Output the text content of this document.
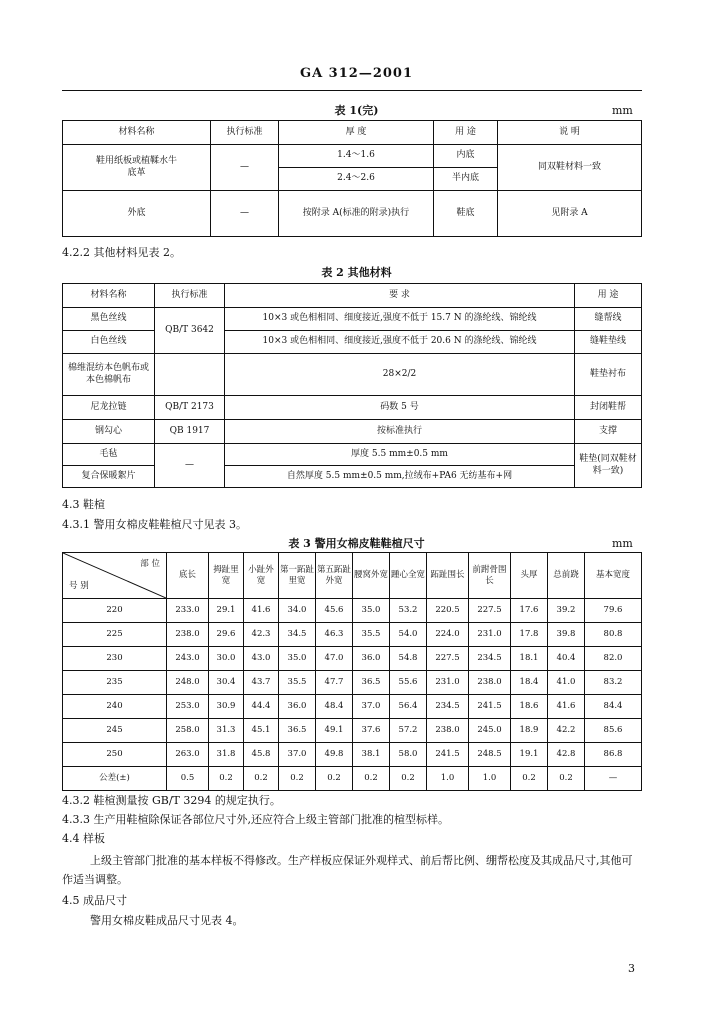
GA 312—2001
表 1(完)	mm
材料名称	执行标准	厚 度	用 途	说 明
鞋用纸板或植鞣水牛底革	—	1.4～1.6	内底	同双鞋材料一致
		2.4～2.6	半内底	
外底	—	按附录 A(标准的附录)执行	鞋底	见附录 A
4.2.2 其他材料见表 2。
表 2 其他材料
材料名称	执行标准	要 求	用 途
黑色丝线	QB/T 3642	10×3 或色相相同、细度接近,强度不低于 15.7 N 的涤纶线、锦纶线	缝帮线
白色丝线		10×3 或色相相同、细度接近,强度不低于 20.6 N 的涤纶线、锦纶线	缝鞋垫线
棉维混纺本色帆布或本色棉帆布		28×2/2	鞋垫衬布
尼龙拉链	QB/T 2173	码数 5 号	封闭鞋帮
钢勾心	QB 1917	按标准执行	支撑
毛毡	—	厚度 5.5 mm±0.5 mm	鞋垫(同双鞋材料一致)
复合保暖絮片		自然厚度 5.5 mm±0.5 mm,拉绒布+PA6 无纺基布+网	
4.3 鞋楦
4.3.1 警用女棉皮鞋鞋楦尺寸见表 3。
表 3 警用女棉皮鞋鞋楦尺寸	mm
部 位
号 别	底长	拇趾里宽	小趾外宽	第一跖趾里宽	第五跖趾外宽	腰窝外宽	踵心全宽	跖趾围长	前跗骨围长	头厚	总前跷	基本宽度
220	233.0	29.1	41.6	34.0	45.6	35.0	53.2	220.5	227.5	17.6	39.2	79.6
225	238.0	29.6	42.3	34.5	46.3	35.5	54.0	224.0	231.0	17.8	39.8	80.8
230	243.0	30.0	43.0	35.0	47.0	36.0	54.8	227.5	234.5	18.1	40.4	82.0
235	248.0	30.4	43.7	35.5	47.7	36.5	55.6	231.0	238.0	18.4	41.0	83.2
240	253.0	30.9	44.4	36.0	48.4	37.0	56.4	234.5	241.5	18.6	41.6	84.4
245	258.0	31.3	45.1	36.5	49.1	37.6	57.2	238.0	245.0	18.9	42.2	85.6
250	263.0	31.8	45.8	37.0	49.8	38.1	58.0	241.5	248.5	19.1	42.8	86.8
公差(±)	0.5	0.2	0.2	0.2	0.2	0.2	0.2	1.0	1.0	0.2	0.2	—
4.3.2 鞋楦测量按 GB/T 3294 的规定执行。
4.3.3 生产用鞋楦除保证各部位尺寸外,还应符合上级主管部门批准的楦型标样。
4.4 样板
上级主管部门批准的基本样板不得修改。生产样板应保证外观样式、前后帮比例、绷帮松度及其成品尺寸,其他可作适当调整。
4.5 成品尺寸
警用女棉皮鞋成品尺寸见表 4。
3
